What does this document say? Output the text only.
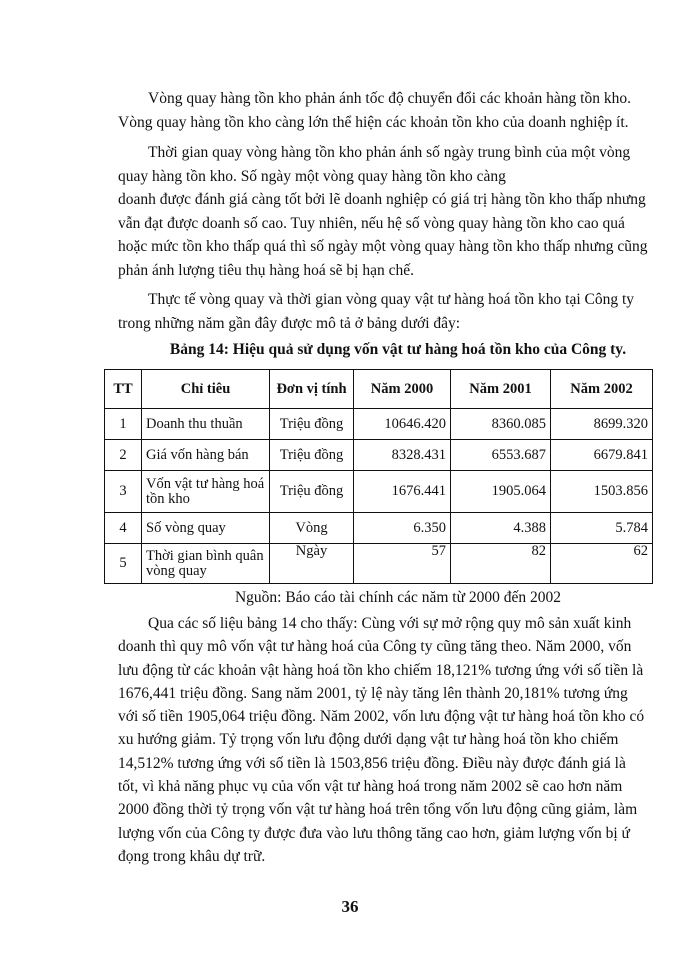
Vòng quay hàng tồn kho phản ánh tốc độ chuyển đổi các khoản hàng tồn kho.

Vòng quay hàng tồn kho càng lớn thể hiện các khoản tồn kho của doanh nghiệp ít.

Thời gian quay vòng hàng tồn kho phản ánh số ngày trung bình của một vòng

quay hàng tồn kho. Số ngày một vòng quay hàng tồn kho càng

doanh được đánh giá càng tốt bởi lẽ doanh nghiệp có giá trị hàng tồn kho thấp nhưng

vẫn đạt được doanh số cao. Tuy nhiên, nếu hệ số vòng quay hàng tồn kho cao quá

hoặc mức tồn kho thấp quá thì số ngày một vòng quay hàng tồn kho thấp nhưng cũng

phản ánh lượng tiêu thụ hàng hoá sẽ bị hạn chế.

Thực tế vòng quay và thời gian vòng quay vật tư hàng hoá tồn kho tại Công ty

trong những năm gần đây được mô tả ở bảng dưới đây:

Bảng 14: Hiệu quả sử dụng vốn vật tư hàng hoá tồn kho của Công ty.
TT	Chỉ tiêu	Đơn vị tính	Năm 2000	Năm 2001	Năm 2002
1	Doanh thu thuần	Triệu đồng	10646.420	8360.085	8699.320
2	Giá vốn hàng bán	Triệu đồng	8328.431	6553.687	6679.841
3	Vốn vật tư hàng hoá tồn kho	Triệu đồng	1676.441	1905.064	1503.856
4	Số vòng quay	Vòng	6.350	4.388	5.784
5	Thời gian bình quân vòng quay	Ngày	57	82	62
Nguồn: Báo cáo tài chính các năm từ 2000 đến 2002

Qua các số liệu bảng 14 cho thấy: Cùng với sự mở rộng quy mô sản xuất kinh

doanh thì quy mô vốn vật tư hàng hoá của Công ty cũng tăng theo. Năm 2000, vốn

lưu động từ các khoản vật hàng hoá tồn kho chiếm 18,121% tương ứng với số tiền là

1676,441 triệu đồng. Sang năm 2001, tỷ lệ này tăng lên thành 20,181% tương ứng

với số tiền 1905,064 triệu đồng. Năm 2002, vốn lưu động vật tư hàng hoá tồn kho có

xu hướng giảm. Tỷ trọng vốn lưu động dưới dạng vật tư hàng hoá tồn kho chiếm

14,512% tương ứng với số tiền là 1503,856 triệu đồng. Điều này được đánh giá là

tốt, vì khả năng phục vụ của vốn vật tư hàng hoá trong năm 2002 sẽ cao hơn năm

2000 đồng thời tỷ trọng vốn vật tư hàng hoá trên tổng vốn lưu động cũng giảm, làm

lượng vốn của Công ty được đưa vào lưu thông tăng cao hơn, giảm lượng vốn bị ứ

đọng trong khâu dự trữ.

36
